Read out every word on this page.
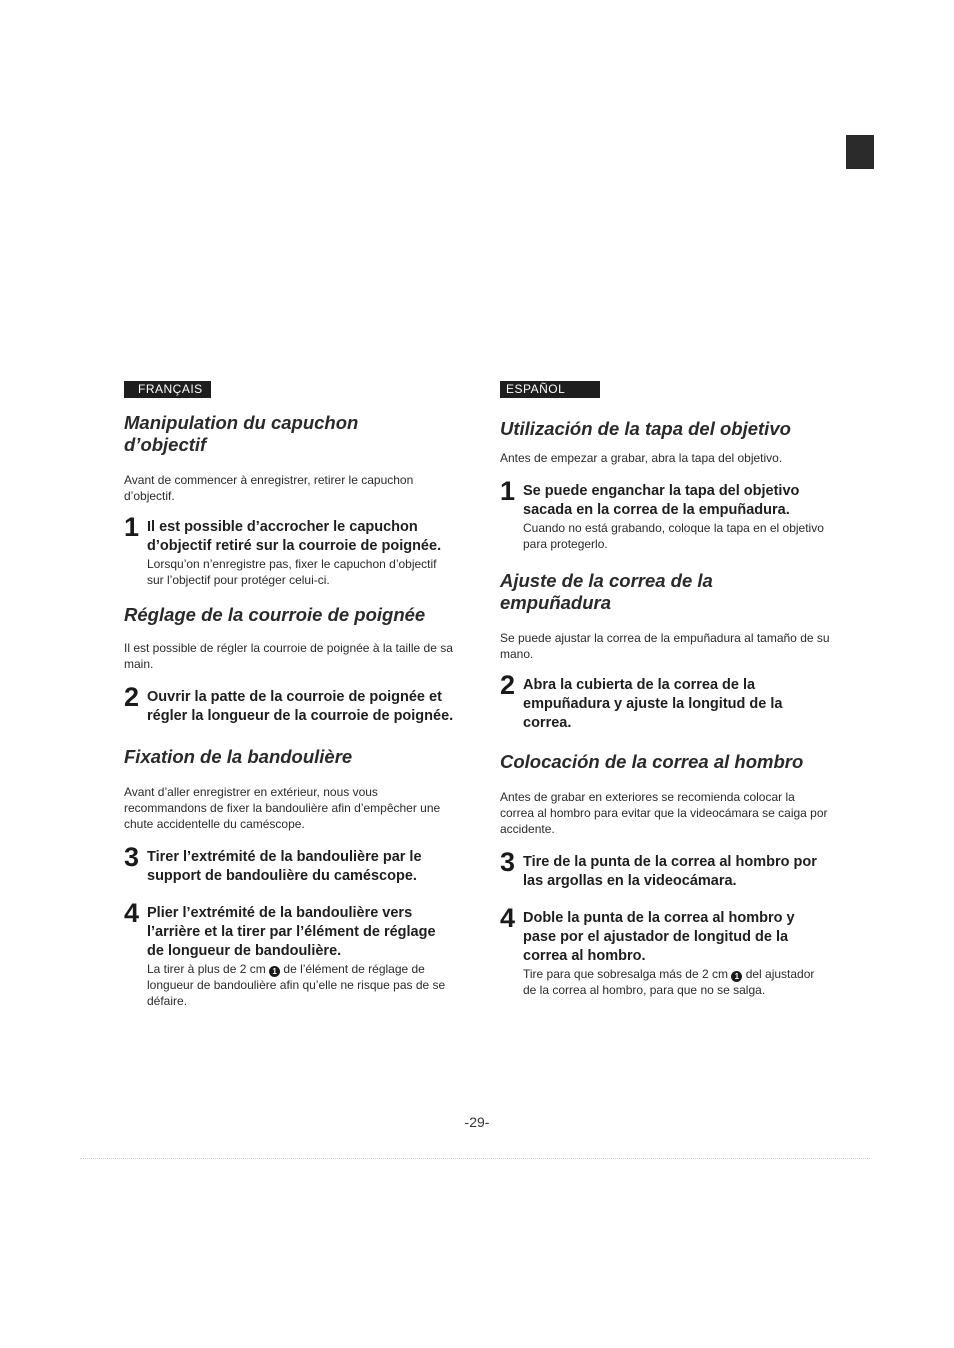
FRANÇAIS
Manipulation du capuchon d’objectif

Avant de commencer à enregistrer, retirer le capuchon d’objectif.

1 Il est possible d’accrocher le capuchon d’objectif retiré sur la courroie de poignée.

Lorsqu’on n’enregistre pas, fixer le capuchon d’objectif sur l’objectif pour protéger celui-ci.

Réglage de la courroie de poignée

Il est possible de régler la courroie de poignée à la taille de sa main.

2 Ouvrir la patte de la courroie de poignée et régler la longueur de la courroie de poignée.

Fixation de la bandoulière

Avant d’aller enregistrer en extérieur, nous vous recommandons de fixer la bandoulière afin d’empêcher une chute accidentelle du caméscope.

3 Tirer l’extrémité de la bandoulière par le support de bandoulière du caméscope.

4 Plier l’extrémité de la bandoulière vers l’arrière et la tirer par l’élément de réglage de longueur de bandoulière.

La tirer à plus de 2 cm 1 de l’élément de réglage de longueur de bandoulière afin qu’elle ne risque pas de se défaire.

ESPAÑOL
Utilización de la tapa del objetivo

Antes de empezar a grabar, abra la tapa del objetivo.

1 Se puede enganchar la tapa del objetivo sacada en la correa de la empuñadura.

Cuando no está grabando, coloque la tapa en el objetivo para protegerlo.

Ajuste de la correa de la empuñadura

Se puede ajustar la correa de la empuñadura al tamaño de su mano.

2 Abra la cubierta de la correa de la empuñadura y ajuste la longitud de la correa.

Colocación de la correa al hombro

Antes de grabar en exteriores se recomienda colocar la correa al hombro para evitar que la videocámara se caiga por accidente.

3 Tire de la punta de la correa al hombro por las argollas en la videocámara.

4 Doble la punta de la correa al hombro y pase por el ajustador de longitud de la correa al hombro.

Tire para que sobresalga más de 2 cm 1 del ajustador de la correa al hombro, para que no se salga.

-29-
